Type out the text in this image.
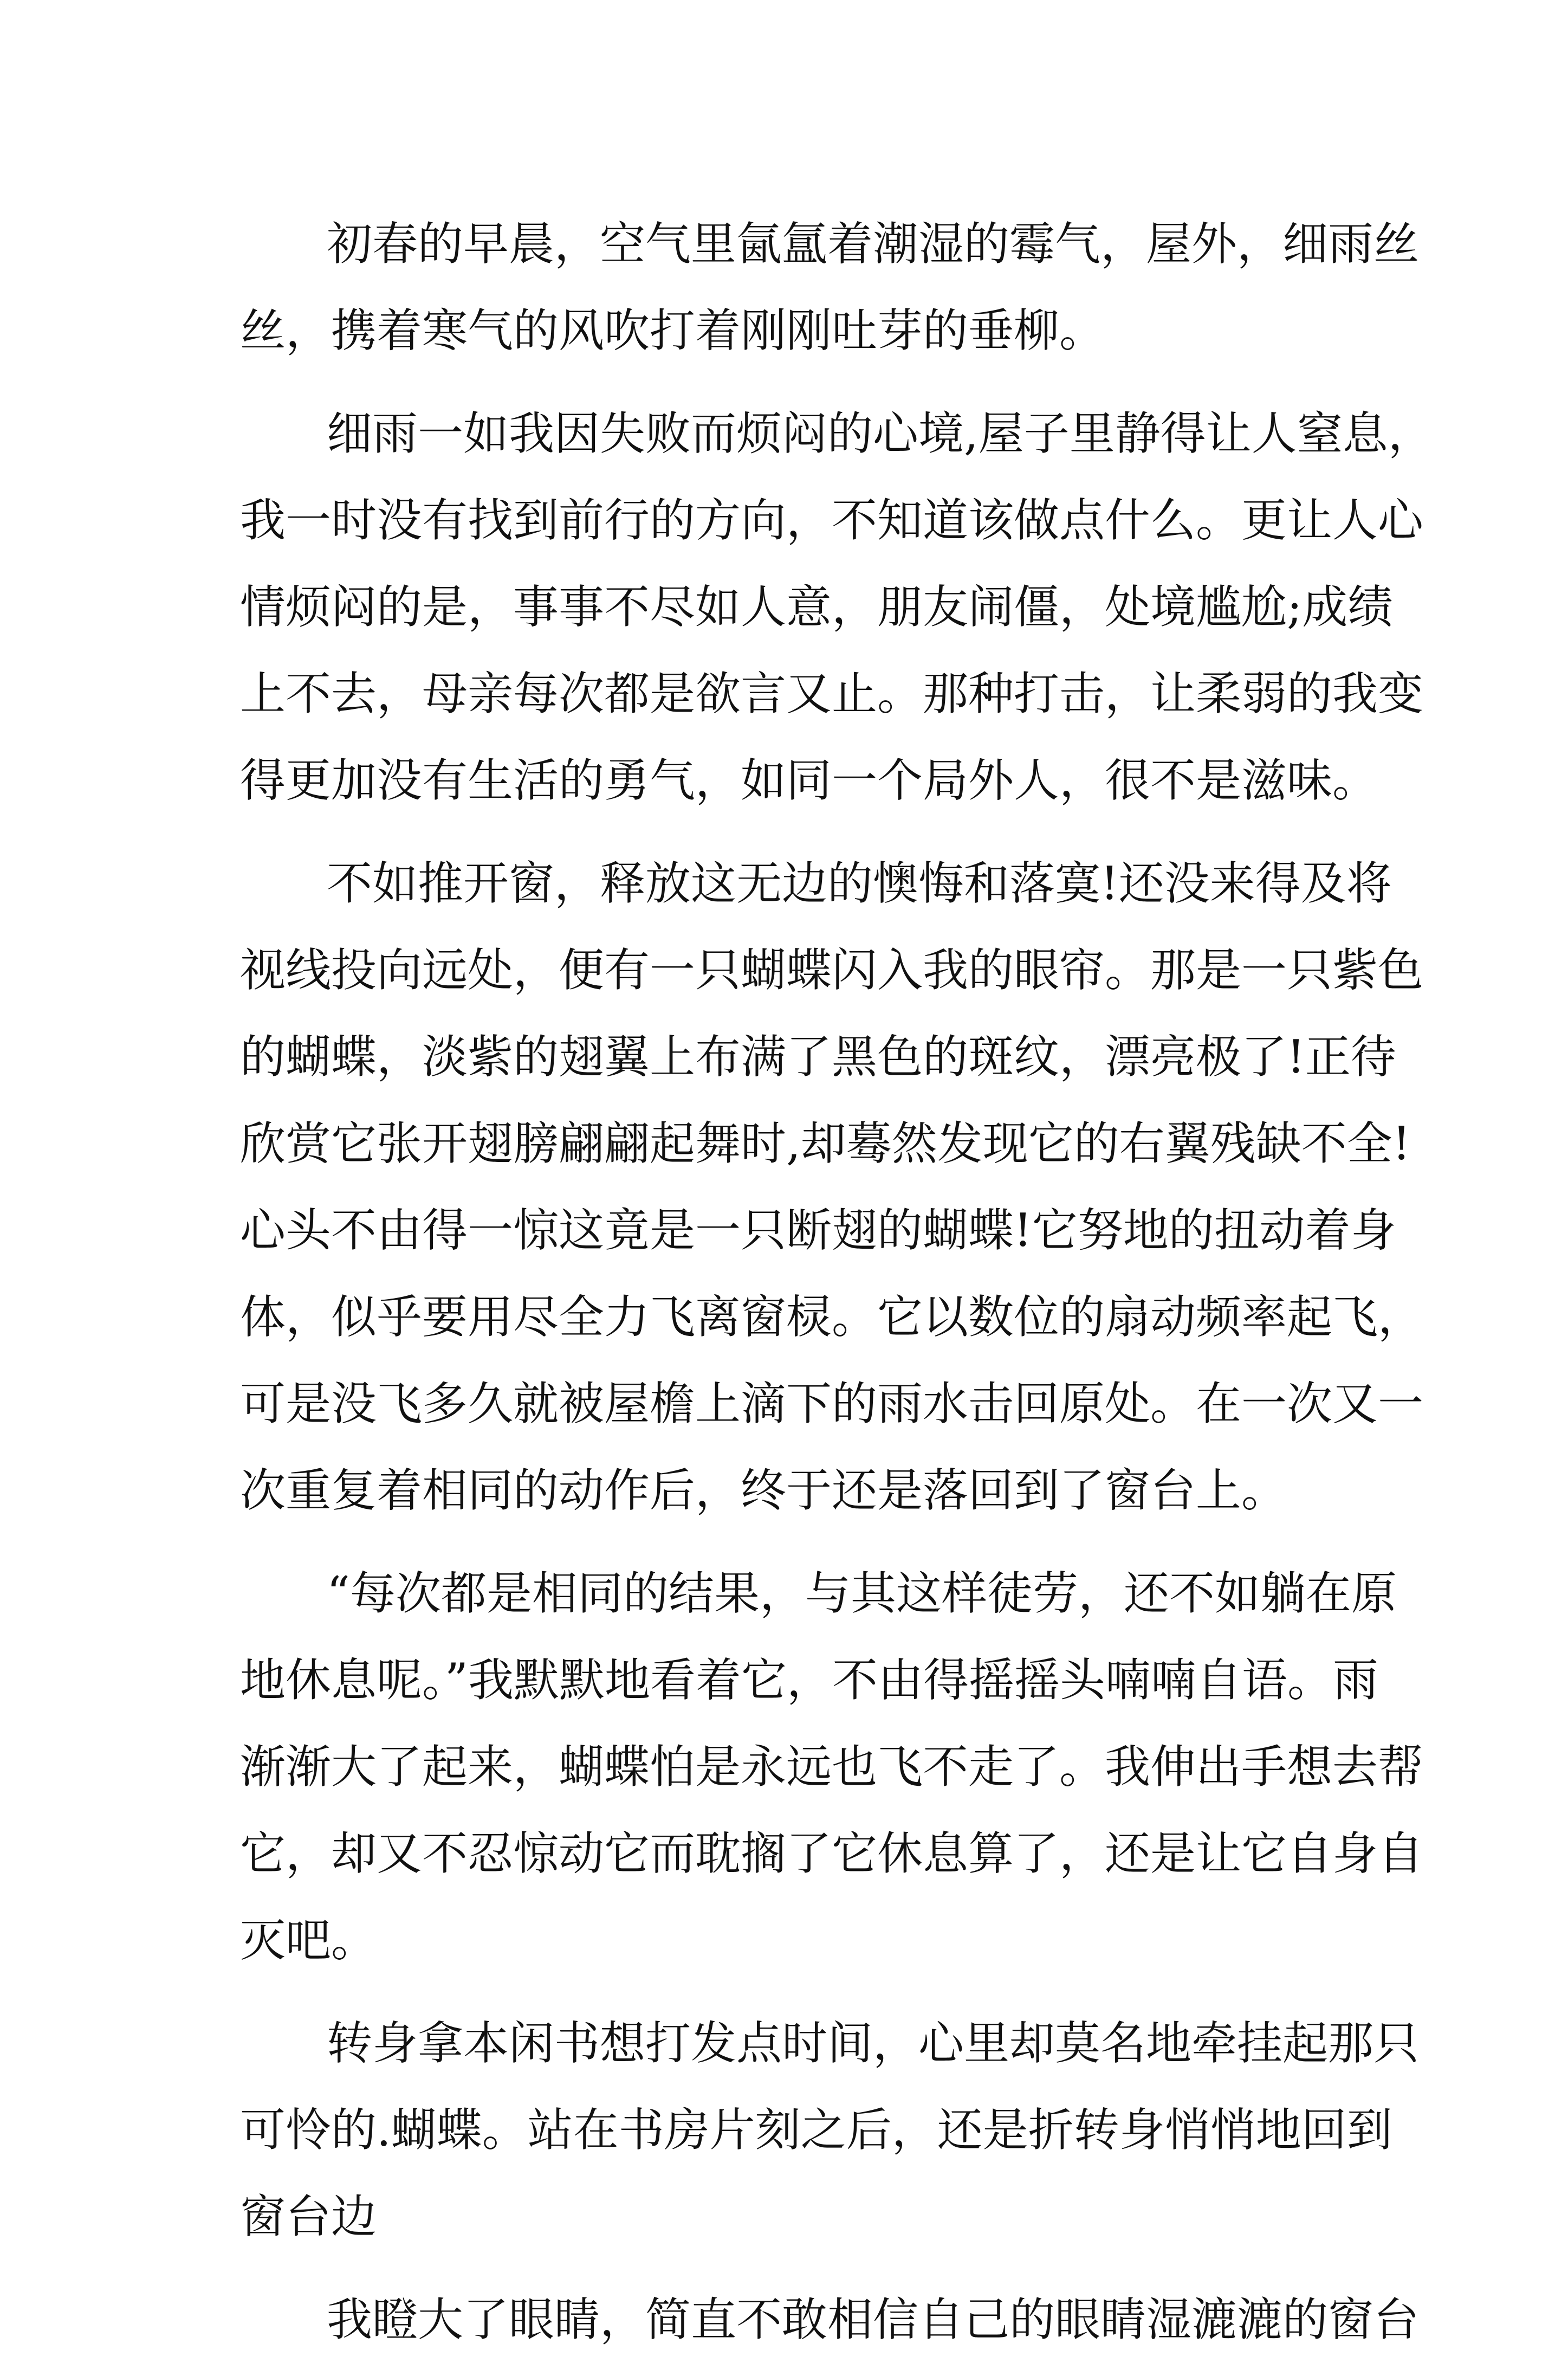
初春的早晨，空气里氤氲着潮湿的霉气，屋外，细雨丝
丝，携着寒气的风吹打着刚刚吐芽的垂柳。
细雨一如我因失败而烦闷的心境,屋子里静得让人窒息，
我一时没有找到前行的方向，不知道该做点什么。更让人心
情烦闷的是，事事不尽如人意，朋友闹僵，处境尴尬;成绩
上不去，母亲每次都是欲言又止。那种打击，让柔弱的我变
得更加没有生活的勇气，如同一个局外人，很不是滋味。
不如推开窗，释放这无边的懊悔和落寞!还没来得及将
视线投向远处，便有一只蝴蝶闪入我的眼帘。那是一只紫色
的蝴蝶，淡紫的翅翼上布满了黑色的斑纹，漂亮极了!正待
欣赏它张开翅膀翩翩起舞时,却蓦然发现它的右翼残缺不全!
心头不由得一惊这竟是一只断翅的蝴蝶!它努地的扭动着身
体，似乎要用尽全力飞离窗棂。它以数位的扇动频率起飞，
可是没飞多久就被屋檐上滴下的雨水击回原处。在一次又一
次重复着相同的动作后，终于还是落回到了窗台上。
“每次都是相同的结果，与其这样徒劳，还不如躺在原
地休息呢。”我默默地看着它，不由得摇摇头喃喃自语。雨
渐渐大了起来，蝴蝶怕是永远也飞不走了。我伸出手想去帮
它，却又不忍惊动它而耽搁了它休息算了，还是让它自身自
灭吧。
转身拿本闲书想打发点时间，心里却莫名地牵挂起那只
可怜的.蝴蝶。站在书房片刻之后，还是折转身悄悄地回到
窗台边
我瞪大了眼睛，简直不敢相信自己的眼睛湿漉漉的窗台
